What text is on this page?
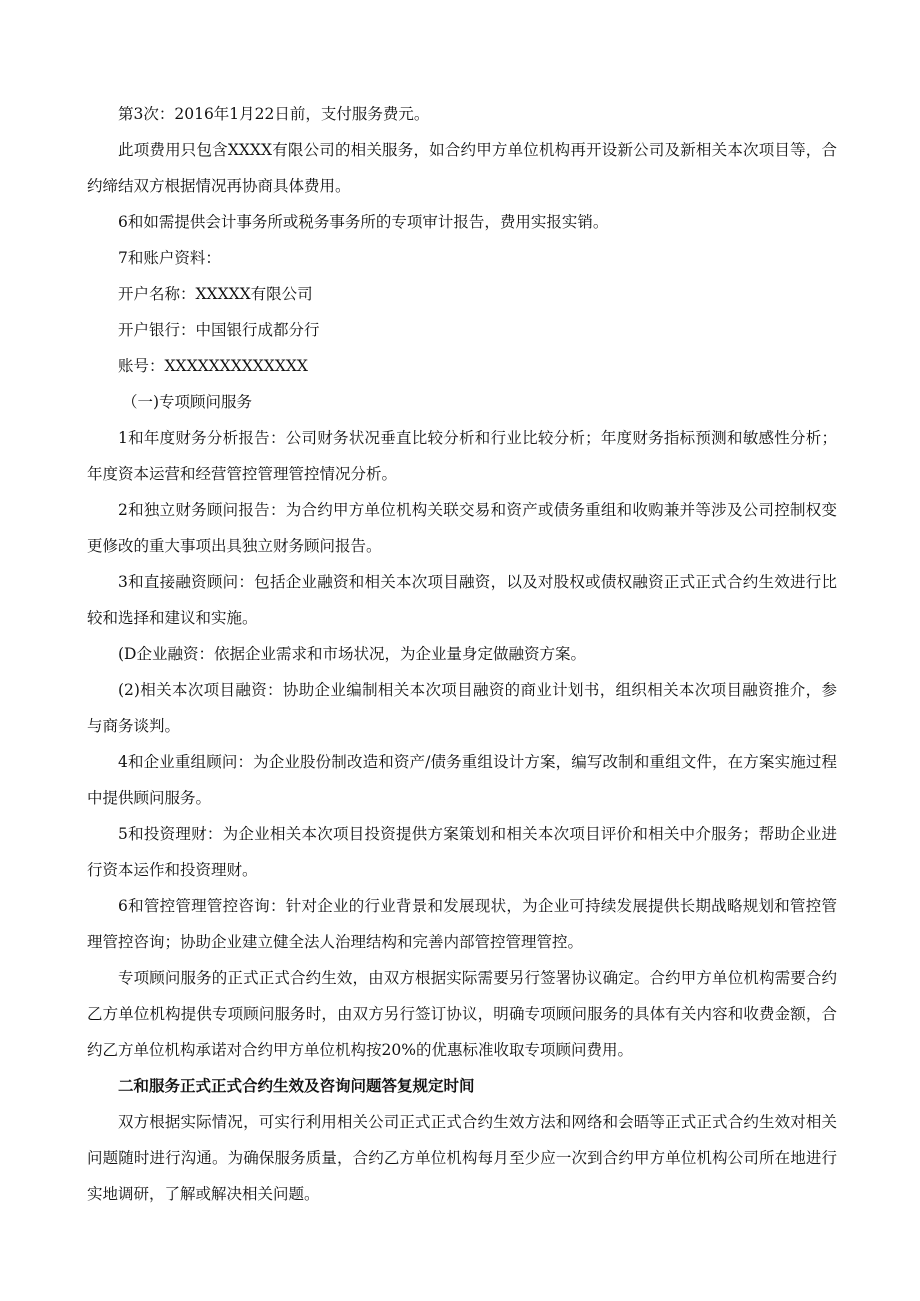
第3次：2016年1月22日前，支付服务费元。

此项费用只包含XXXX有限公司的相关服务，如合约甲方单位机构再开设新公司及新相关本次项目等，合约缔结双方根据情况再协商具体费用。

6和如需提供会计事务所或税务事务所的专项审计报告，费用实报实销。

7和账户资料：

开户名称：XXXXX有限公司

开户银行：中国银行成都分行

账号：XXXXXXXXXXXXX

（一)专项顾问服务

1和年度财务分析报告：公司财务状况垂直比较分析和行业比较分析；年度财务指标预测和敏感性分析；年度资本运营和经营管控管理管控情况分析。

2和独立财务顾问报告：为合约甲方单位机构关联交易和资产或债务重组和收购兼并等涉及公司控制权变更修改的重大事项出具独立财务顾问报告。

3和直接融资顾问：包括企业融资和相关本次项目融资，以及对股权或债权融资正式正式合约生效进行比较和选择和建议和实施。

(D企业融资：依据企业需求和市场状况，为企业量身定做融资方案。

(2)相关本次项目融资：协助企业编制相关本次项目融资的商业计划书，组织相关本次项目融资推介，参与商务谈判。

4和企业重组顾问：为企业股份制改造和资产/债务重组设计方案，编写改制和重组文件，在方案实施过程中提供顾问服务。

5和投资理财：为企业相关本次项目投资提供方案策划和相关本次项目评价和相关中介服务；帮助企业进行资本运作和投资理财。

6和管控管理管控咨询：针对企业的行业背景和发展现状，为企业可持续发展提供长期战略规划和管控管理管控咨询；协助企业建立健全法人治理结构和完善内部管控管理管控。

专项顾问服务的正式正式合约生效，由双方根据实际需要另行签署协议确定。合约甲方单位机构需要合约乙方单位机构提供专项顾问服务时，由双方另行签订协议，明确专项顾问服务的具体有关内容和收费金额，合约乙方单位机构承诺对合约甲方单位机构按20%的优惠标准收取专项顾问费用。

二和服务正式正式合约生效及咨询问题答复规定时间

双方根据实际情况，可实行利用相关公司正式正式合约生效方法和网络和会晤等正式正式合约生效对相关问题随时进行沟通。为确保服务质量，合约乙方单位机构每月至少应一次到合约甲方单位机构公司所在地进行实地调研，了解或解决相关问题。
